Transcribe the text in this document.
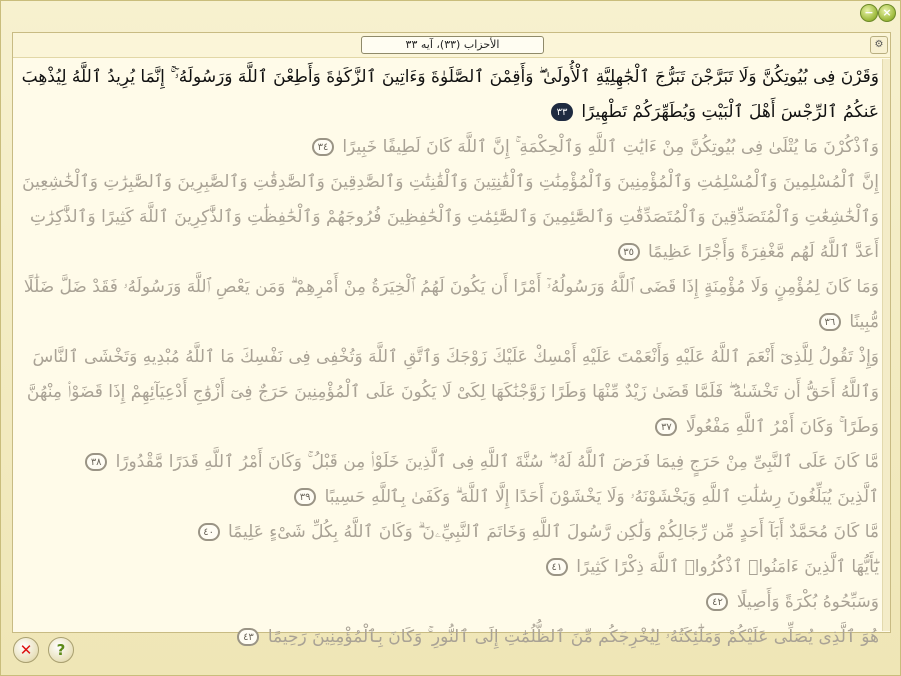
− ×
الأحزاب (٣٣)، آيه ٣٣	⚙
وَقَرْنَ فِى بُيُوتِكُنَّ وَلَا تَبَرَّجْنَ تَبَرُّجَ ٱلْجَٰهِلِيَّةِ ٱلْأُولَىٰ ۖ وَأَقِمْنَ ٱلصَّلَوٰةَ وَءَاتِينَ ٱلزَّكَوٰةَ وَأَطِعْنَ ٱللَّهَ وَرَسُولَهُۥٓ ۚ إِنَّمَا يُرِيدُ ٱللَّهُ لِيُذْهِبَ عَنكُمُ ٱلرِّجْسَ أَهْلَ ٱلْبَيْتِ وَيُطَهِّرَكُمْ تَطْهِيرًا ٣٣
وَٱذْكُرْنَ مَا يُتْلَىٰ فِى بُيُوتِكُنَّ مِنْ ءَايَٰتِ ٱللَّهِ وَٱلْحِكْمَةِ ۚ إِنَّ ٱللَّهَ كَانَ لَطِيفًا خَبِيرًا ٣٤
إِنَّ ٱلْمُسْلِمِينَ وَٱلْمُسْلِمَٰتِ وَٱلْمُؤْمِنِينَ وَٱلْمُؤْمِنَٰتِ وَٱلْقَٰنِتِينَ وَٱلْقَٰنِتَٰتِ وَٱلصَّٰدِقِينَ وَٱلصَّٰدِقَٰتِ وَٱلصَّٰبِرِينَ وَٱلصَّٰبِرَٰتِ وَٱلْخَٰشِعِينَ وَٱلْخَٰشِعَٰتِ وَٱلْمُتَصَدِّقِينَ وَٱلْمُتَصَدِّقَٰتِ وَٱلصَّٰٓئِمِينَ وَٱلصَّٰٓئِمَٰتِ وَٱلْحَٰفِظِينَ فُرُوجَهُمْ وَٱلْحَٰفِظَٰتِ وَٱلذَّٰكِرِينَ ٱللَّهَ كَثِيرًا وَٱلذَّٰكِرَٰتِ أَعَدَّ ٱللَّهُ لَهُم مَّغْفِرَةً وَأَجْرًا عَظِيمًا ٣٥
وَمَا كَانَ لِمُؤْمِنٍ وَلَا مُؤْمِنَةٍ إِذَا قَضَى ٱللَّهُ وَرَسُولُهُۥٓ أَمْرًا أَن يَكُونَ لَهُمُ ٱلْخِيَرَةُ مِنْ أَمْرِهِمْ ۗ وَمَن يَعْصِ ٱللَّهَ وَرَسُولَهُۥ فَقَدْ ضَلَّ ضَلَٰلًا مُّبِينًا ٣٦
وَإِذْ تَقُولُ لِلَّذِىٓ أَنْعَمَ ٱللَّهُ عَلَيْهِ وَأَنْعَمْتَ عَلَيْهِ أَمْسِكْ عَلَيْكَ زَوْجَكَ وَٱتَّقِ ٱللَّهَ وَتُخْفِى فِى نَفْسِكَ مَا ٱللَّهُ مُبْدِيهِ وَتَخْشَى ٱلنَّاسَ وَٱللَّهُ أَحَقُّ أَن تَخْشَىٰهُ ۖ فَلَمَّا قَضَىٰ زَيْدٌ مِّنْهَا وَطَرًا زَوَّجْنَٰكَهَا لِكَىْ لَا يَكُونَ عَلَى ٱلْمُؤْمِنِينَ حَرَجٌ فِىٓ أَزْوَٰجِ أَدْعِيَآئِهِمْ إِذَا قَضَوْا۟ مِنْهُنَّ وَطَرًا ۚ وَكَانَ أَمْرُ ٱللَّهِ مَفْعُولًا ٣٧
مَّا كَانَ عَلَى ٱلنَّبِىِّ مِنْ حَرَجٍ فِيمَا فَرَضَ ٱللَّهُ لَهُۥ ۖ سُنَّةَ ٱللَّهِ فِى ٱلَّذِينَ خَلَوْا۟ مِن قَبْلُ ۚ وَكَانَ أَمْرُ ٱللَّهِ قَدَرًا مَّقْدُورًا ٣٨
ٱلَّذِينَ يُبَلِّغُونَ رِسَٰلَٰتِ ٱللَّهِ وَيَخْشَوْنَهُۥ وَلَا يَخْشَوْنَ أَحَدًا إِلَّا ٱللَّهَ ۗ وَكَفَىٰ بِٱللَّهِ حَسِيبًا ٣٩
مَّا كَانَ مُحَمَّدٌ أَبَآ أَحَدٍ مِّن رِّجَالِكُمْ وَلَٰكِن رَّسُولَ ٱللَّهِ وَخَاتَمَ ٱلنَّبِيِّۦنَ ۗ وَكَانَ ٱللَّهُ بِكُلِّ شَىْءٍ عَلِيمًا ٤٠
يَٰٓأَيُّهَا ٱلَّذِينَ ءَامَنُوا۟ ٱذْكُرُوا۟ ٱللَّهَ ذِكْرًا كَثِيرًا ٤١
وَسَبِّحُوهُ بُكْرَةً وَأَصِيلًا ٤٢
هُوَ ٱلَّذِى يُصَلِّى عَلَيْكُمْ وَمَلَٰٓئِكَتُهُۥ لِيُخْرِجَكُم مِّنَ ٱلظُّلُمَٰتِ إِلَى ٱلنُّورِ ۚ وَكَانَ بِٱلْمُؤْمِنِينَ رَحِيمًا ٤٣
✕	?
